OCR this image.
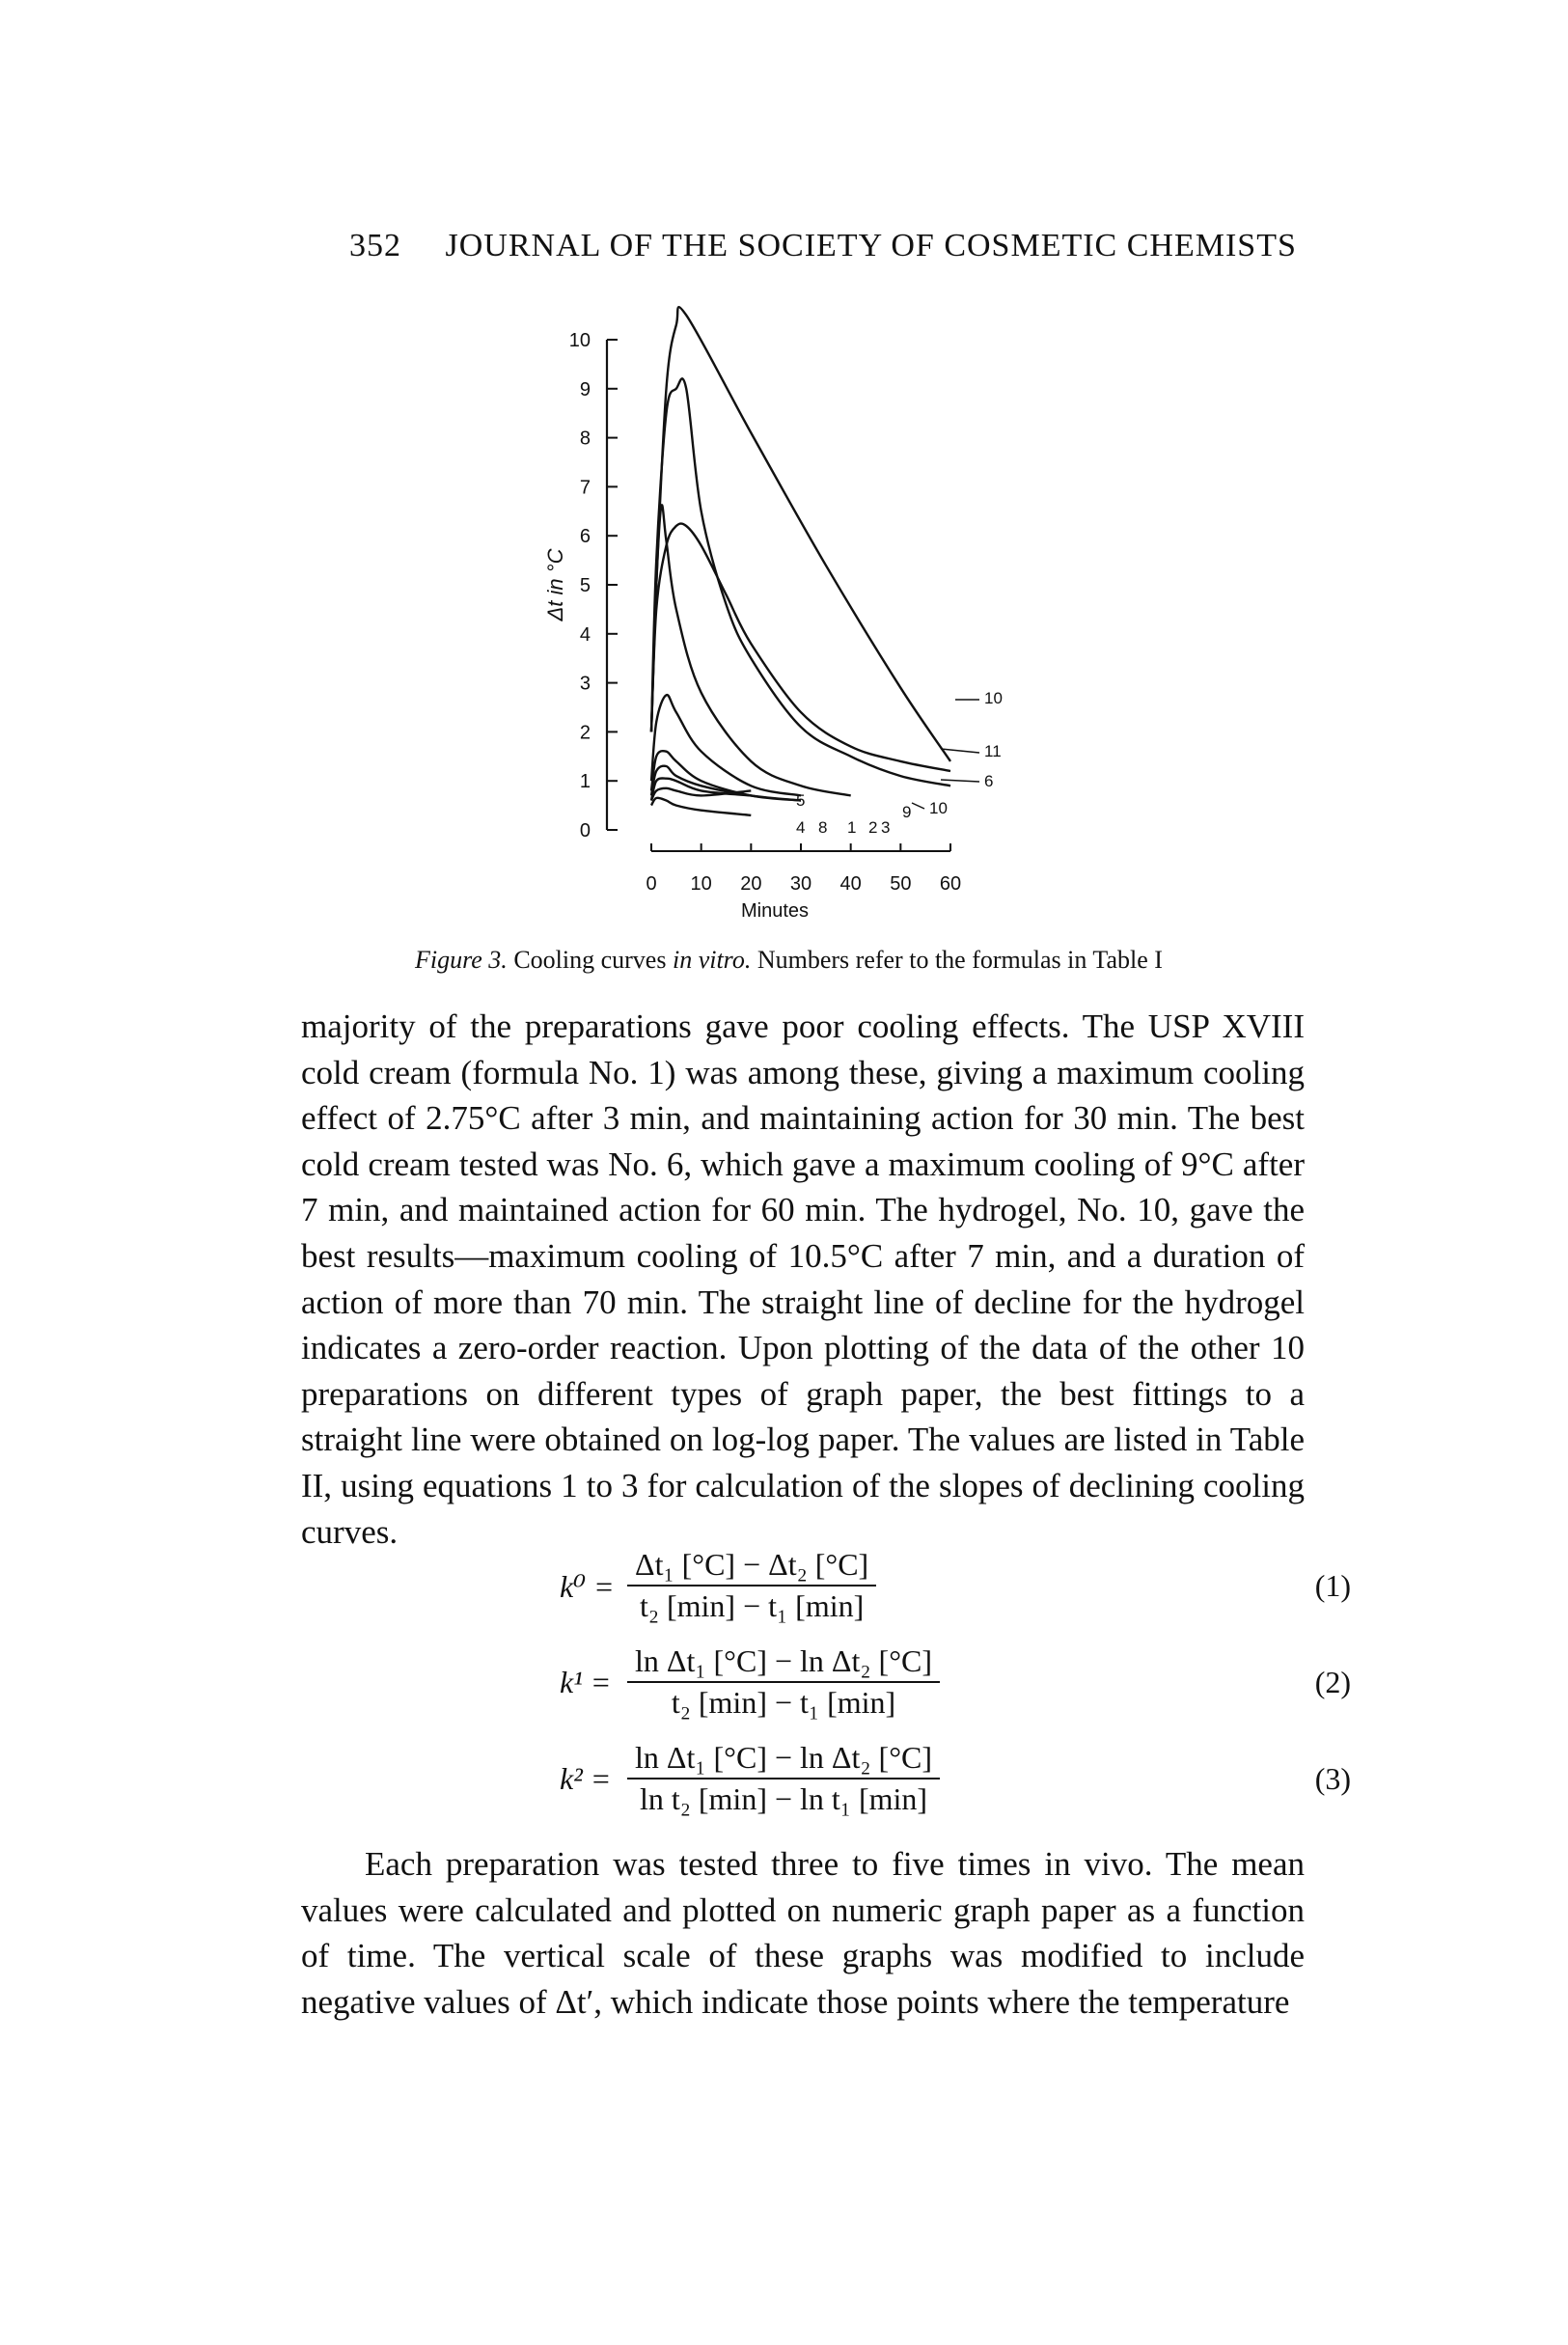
352 JOURNAL OF THE SOCIETY OF COSMETIC CHEMISTS
0
1
2
3
4
5
6
7
8
9
10
Δt in °C
0 10 20 30 40 50 60
Minutes
10
11
6
10
9
5
4 8 1 2 3
Figure 3. Cooling curves in vitro. Numbers refer to the formulas in Table I

majority of the preparations gave poor cooling effects. The USP XVIII cold cream (formula No. 1) was among these, giving a maximum cooling effect of 2.75°C after 3 min, and maintaining action for 30 min. The best cold cream tested was No. 6, which gave a maximum cooling of 9°C after 7 min, and maintained action for 60 min. The hydrogel, No. 10, gave the best results—maximum cooling of 10.5°C after 7 min, and a duration of action of more than 70 min. The straight line of decline for the hydrogel indicates a zero-order reaction. Upon plotting of the data of the other 10 preparations on different types of graph paper, the best fittings to a straight line were obtained on log-log paper. The values are listed in Table II, using equations 1 to 3 for calculation of the slopes of declining cooling curves.

k⁰ =
Δt₁ [°C] − Δt₂ [°C]
t₂ [min] − t₁ [min]
(1)
k¹ =
ln Δt₁ [°C] − ln Δt₂ [°C]
t₂ [min] − t₁ [min]
(2)
k² =
ln Δt₁ [°C] − ln Δt₂ [°C]
ln t₂ [min] − ln t₁ [min]
(3)

Each preparation was tested three to five times in vivo. The mean values were calculated and plotted on numeric graph paper as a function of time. The vertical scale of these graphs was modified to include negative values of Δt′, which indicate those points where the temperature
